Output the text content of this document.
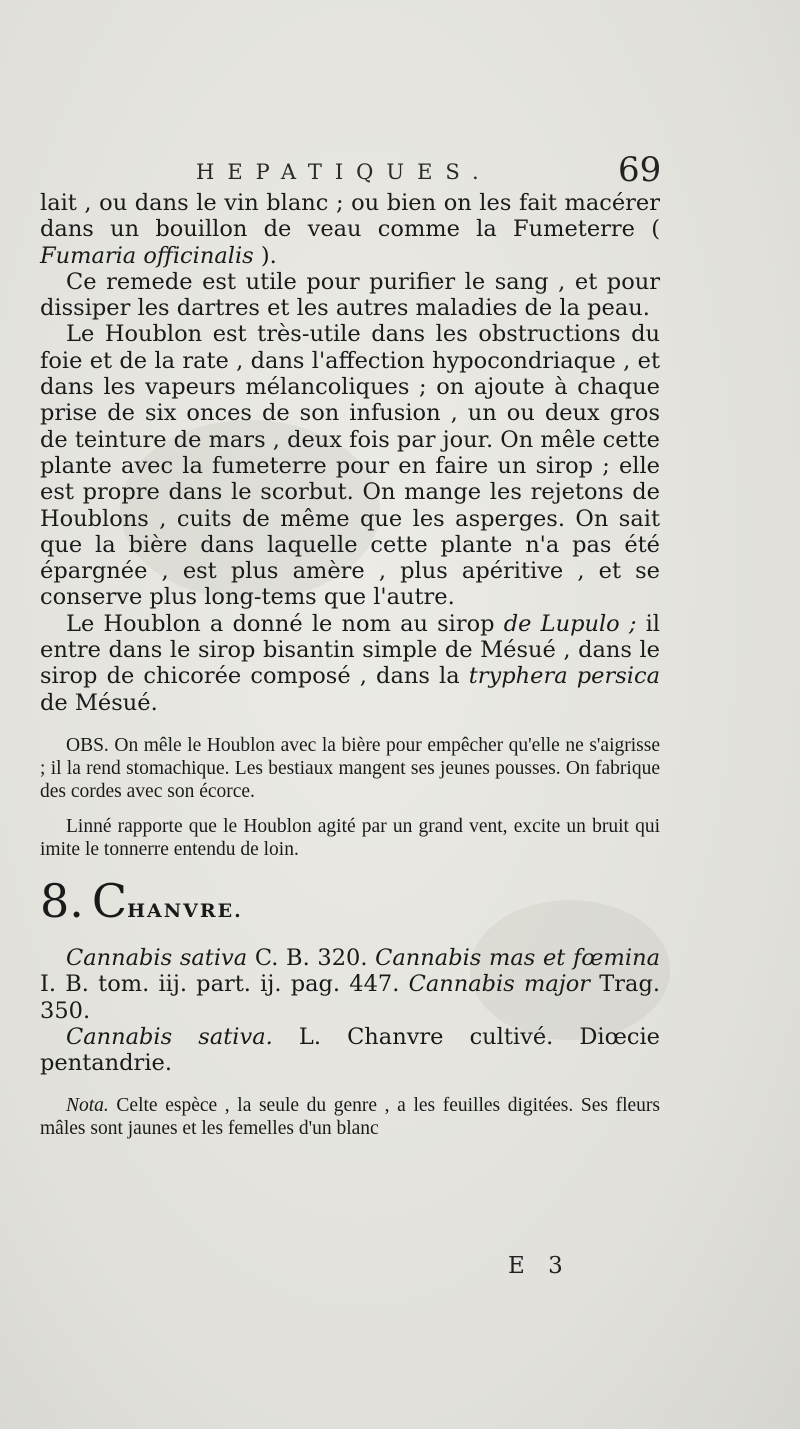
HEPATIQUES.	69

lait , ou dans le vin blanc ; ou bien on les fait macérer dans un bouillon de veau comme la Fumeterre ( Fumaria officinalis ).

Ce remede est utile pour purifier le sang , et pour dissiper les dartres et les autres maladies de la peau.

Le Houblon est très-utile dans les obstructions du foie et de la rate , dans l'affection hypocondriaque , et dans les vapeurs mélancoliques ; on ajoute à chaque prise de six onces de son infusion , un ou deux gros de teinture de mars , deux fois par jour. On mêle cette plante avec la fumeterre pour en faire un sirop ; elle est propre dans le scorbut. On mange les rejetons de Houblons , cuits de même que les asperges. On sait que la bière dans laquelle cette plante n'a pas été épargnée , est plus amère , plus apéritive , et se conserve plus long-tems que l'autre.

Le Houblon a donné le nom au sirop de Lupulo ; il entre dans le sirop bisantin simple de Mésué , dans le sirop de chicorée composé , dans la tryphera persica de Mésué.

OBS. On mêle le Houblon avec la bière pour empêcher qu'elle ne s'aigrisse ; il la rend stomachique. Les bestiaux mangent ses jeunes pousses. On fabrique des cordes avec son écorce.

Linné rapporte que le Houblon agité par un grand vent, excite un bruit qui imite le tonnerre entendu de loin.

8. CHANVRE.

Cannabis sativa C. B. 320. Cannabis mas et fœmina I. B. tom. iij. part. ij. pag. 447. Cannabis major Trag. 350.

Cannabis sativa. L. Chanvre cultivé. Diœcie pentandrie.

Nota. Celte espèce , la seule du genre , a les feuilles digitées. Ses fleurs mâles sont jaunes et les femelles d'un blanc

E 3
